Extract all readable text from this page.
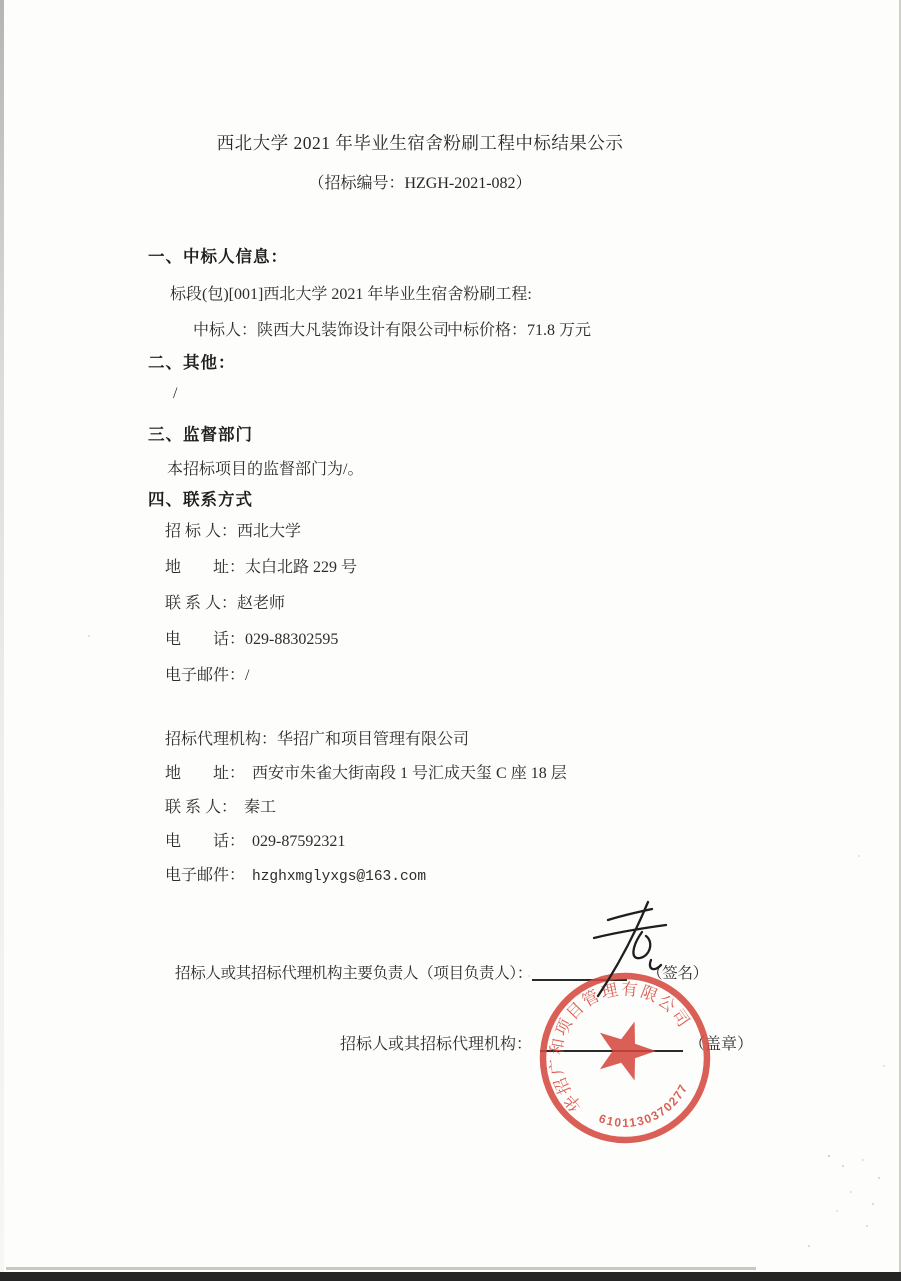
西北大学 2021 年毕业生宿舍粉刷工程中标结果公示
（招标编号：HZGH-2021-082）
一、中标人信息：
标段(包)[001]西北大学 2021 年毕业生宿舍粉刷工程:
中标人：陕西大凡装饰设计有限公司
中标价格：71.8 万元
二、其他：
/
三、监督部门
本招标项目的监督部门为/。
四、联系方式
招 标 人：西北大学
地　　址：太白北路 229 号
联 系 人：赵老师
电　　话：029-88302595
电子邮件：/
招标代理机构：华招广和项目管理有限公司
地　　址： 西安市朱雀大街南段 1 号汇成天玺 C 座 18 层
联 系 人： 秦工
电　　话： 029-87592321
电子邮件： hzghxmglyxgs@163.com
招标人或其招标代理机构主要负责人（项目负责人）：	（签名）
招标人或其招标代理机构：	（盖章）
华招广和项目管理有限公司
6101130370277
